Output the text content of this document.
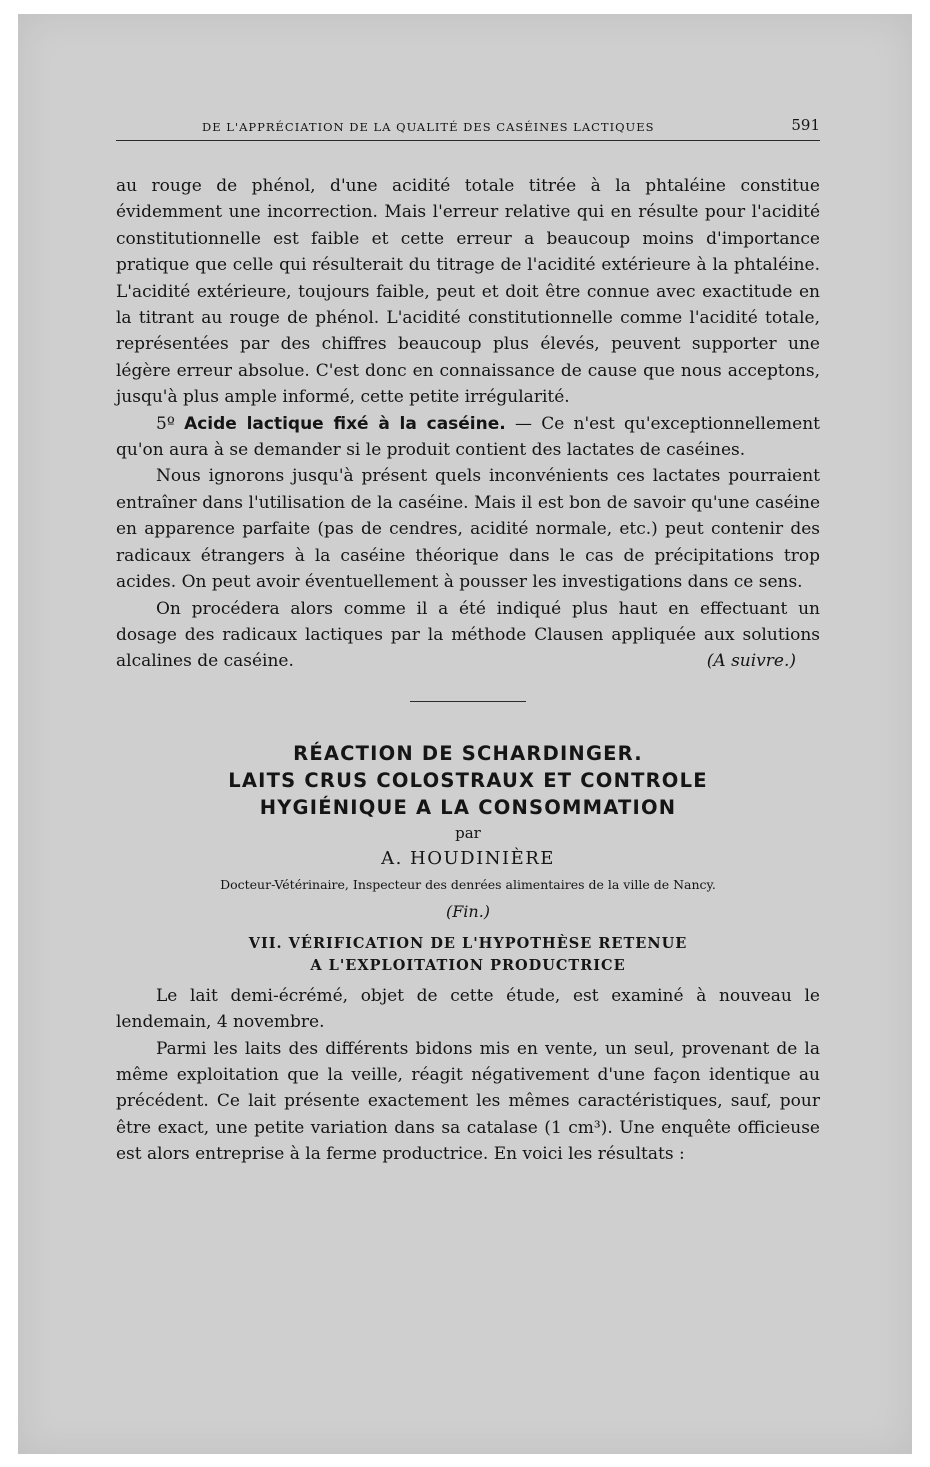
DE L'APPRÉCIATION DE LA QUALITÉ DES CASÉINES LACTIQUES	591

au rouge de phénol, d'une acidité totale titrée à la phtaléine constitue évidemment une incorrection. Mais l'erreur relative qui en résulte pour l'acidité constitutionnelle est faible et cette erreur a beaucoup moins d'importance pratique que celle qui résulterait du titrage de l'acidité extérieure à la phtaléine. L'acidité extérieure, toujours faible, peut et doit être connue avec exactitude en la titrant au rouge de phénol. L'acidité constitutionnelle comme l'acidité totale, représentées par des chiffres beaucoup plus élevés, peuvent supporter une légère erreur absolue. C'est donc en connaissance de cause que nous acceptons, jusqu'à plus ample informé, cette petite irrégularité.

5º Acide lactique fixé à la caséine. — Ce n'est qu'exceptionnellement qu'on aura à se demander si le produit contient des lactates de caséines.

Nous ignorons jusqu'à présent quels inconvénients ces lactates pourraient entraîner dans l'utilisation de la caséine. Mais il est bon de savoir qu'une caséine en apparence parfaite (pas de cendres, acidité normale, etc.) peut contenir des radicaux étrangers à la caséine théorique dans le cas de précipitations trop acides. On peut avoir éventuellement à pousser les investigations dans ce sens.

On procédera alors comme il a été indiqué plus haut en effectuant un dosage des radicaux lactiques par la méthode Clausen appliquée aux solutions alcalines de caséine.	(A suivre.)

RÉACTION DE SCHARDINGER.
LAITS CRUS COLOSTRAUX ET CONTROLE
HYGIÉNIQUE A LA CONSOMMATION
par
A. HOUDINIÈRE
Docteur-Vétérinaire, Inspecteur des denrées alimentaires de la ville de Nancy.
(Fin.)
VII. VÉRIFICATION DE L'HYPOTHÈSE RETENUE
A L'EXPLOITATION PRODUCTRICE

Le lait demi-écrémé, objet de cette étude, est examiné à nouveau le lendemain, 4 novembre.

Parmi les laits des différents bidons mis en vente, un seul, provenant de la même exploitation que la veille, réagit négativement d'une façon identique au précédent. Ce lait présente exactement les mêmes caractéristiques, sauf, pour être exact, une petite variation dans sa catalase (1 cm³). Une enquête officieuse est alors entreprise à la ferme productrice. En voici les résultats :
